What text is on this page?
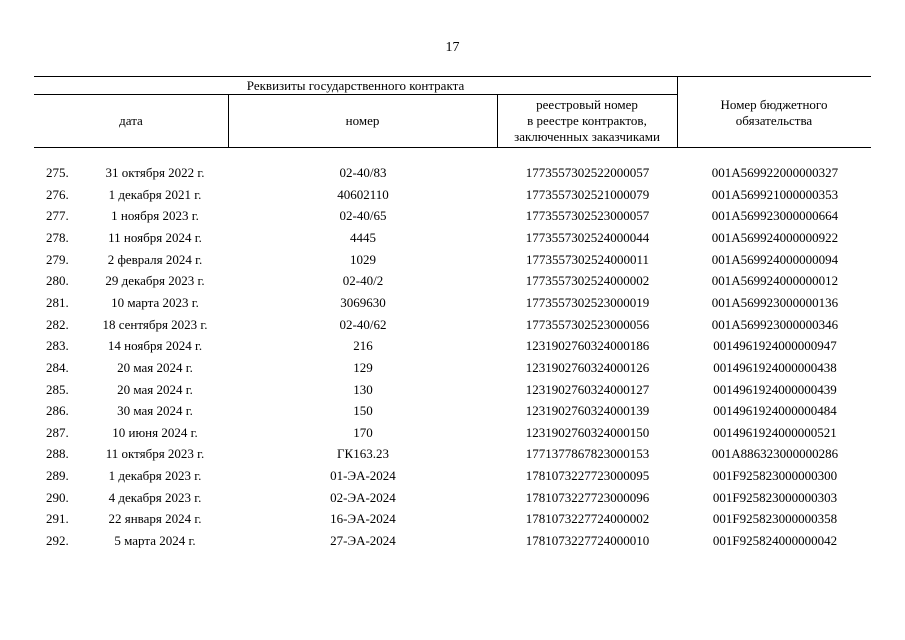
17
Реквизиты государственного контракта
дата	номер
реестровый номер
в реестре контрактов,
заключенных заказчиками
Номер бюджетного
обязательства
275.	31 октября 2022 г.	02-40/83	1773557302522000057	001A569922000000327
276.	1 декабря 2021 г.	40602110	1773557302521000079	001A569921000000353
277.	1 ноября 2023 г.	02-40/65	1773557302523000057	001A569923000000664
278.	11 ноября 2024 г.	4445	1773557302524000044	001A569924000000922
279.	2 февраля 2024 г.	1029	1773557302524000011	001A569924000000094
280.	29 декабря 2023 г.	02-40/2	1773557302524000002	001A569924000000012
281.	10 марта 2023 г.	3069630	1773557302523000019	001A569923000000136
282.	18 сентября 2023 г.	02-40/62	1773557302523000056	001A569923000000346
283.	14 ноября 2024 г.	216	1231902760324000186	0014961924000000947
284.	20 мая 2024 г.	129	1231902760324000126	0014961924000000438
285.	20 мая 2024 г.	130	1231902760324000127	0014961924000000439
286.	30 мая 2024 г.	150	1231902760324000139	0014961924000000484
287.	10 июня 2024 г.	170	1231902760324000150	0014961924000000521
288.	11 октября 2023 г.	ГК163.23	1771377867823000153	001A886323000000286
289.	1 декабря 2023 г.	01-ЭА-2024	1781073227723000095	001F925823000000300
290.	4 декабря 2023 г.	02-ЭА-2024	1781073227723000096	001F925823000000303
291.	22 января 2024 г.	16-ЭА-2024	1781073227724000002	001F925823000000358
292.	5 марта 2024 г.	27-ЭА-2024	1781073227724000010	001F925824000000042
